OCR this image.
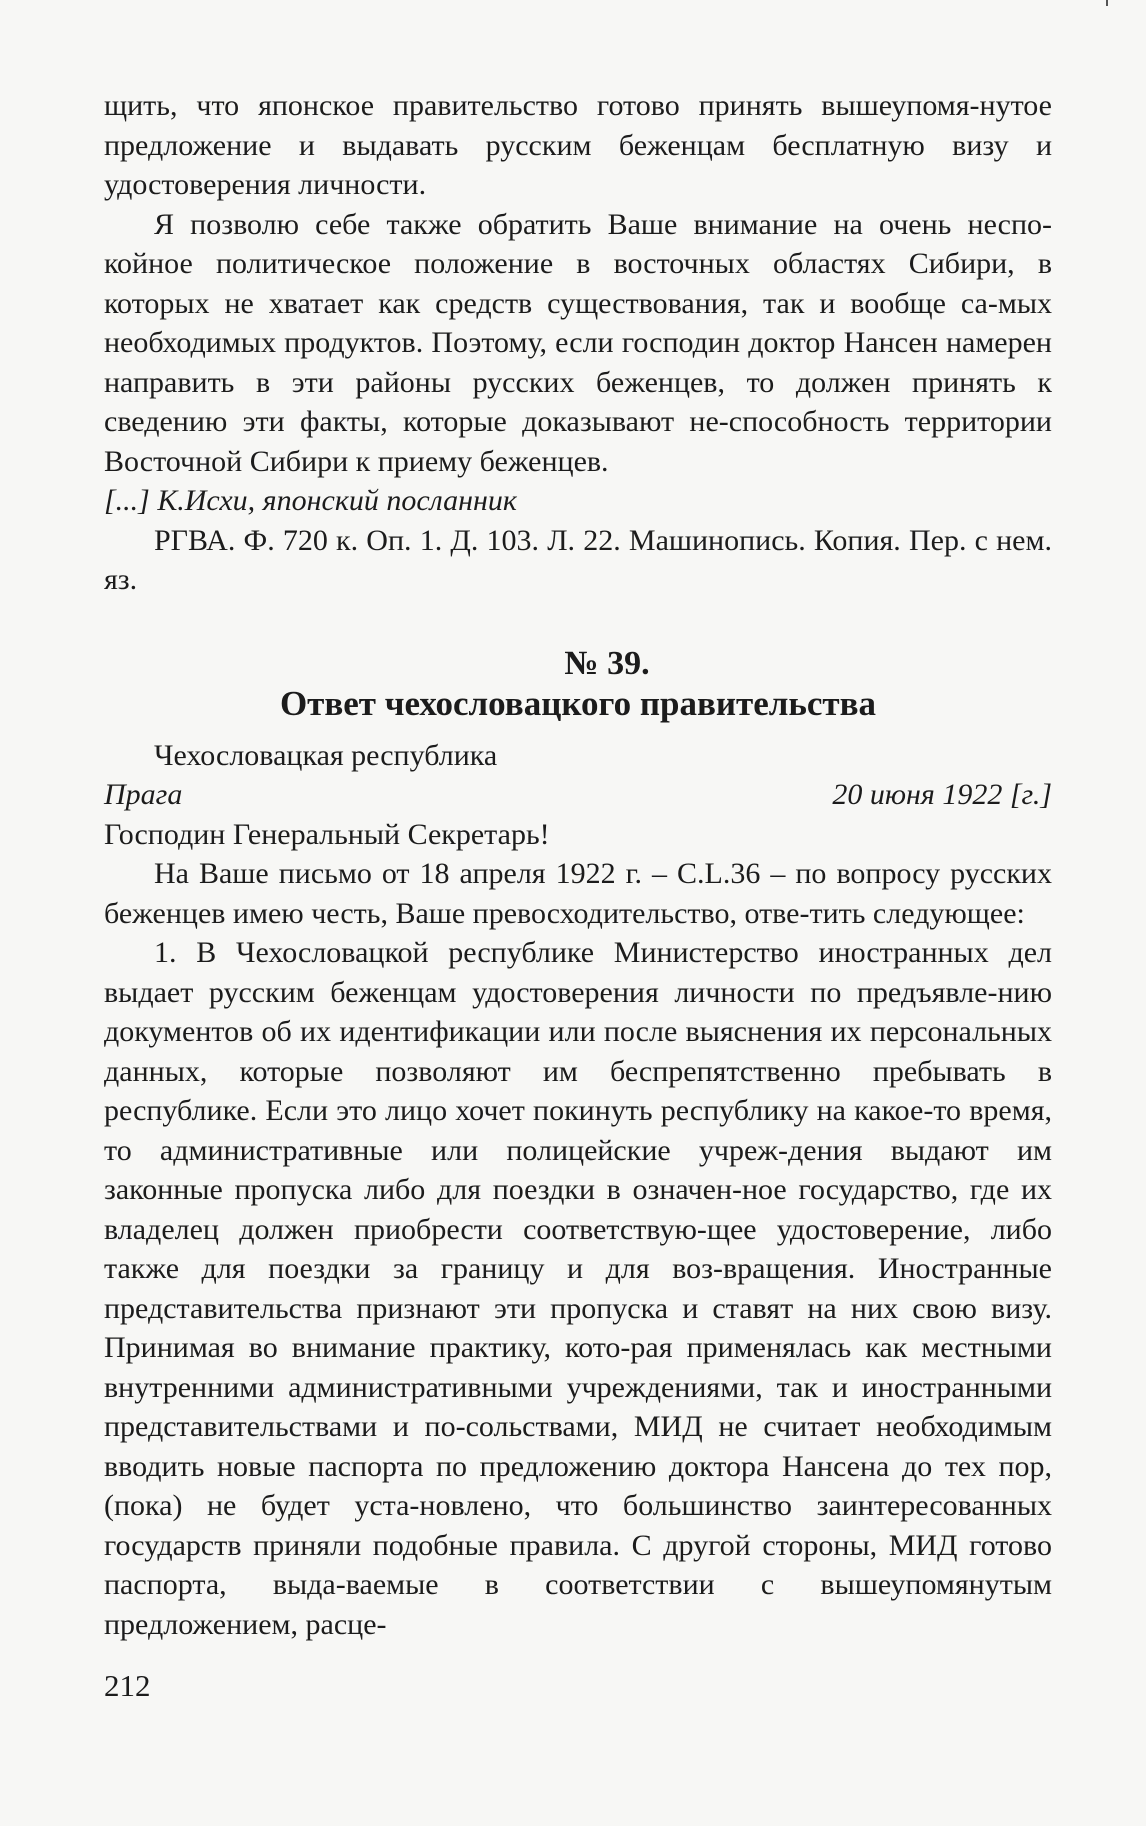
щить, что японское правительство готово принять вышеупомя-нутое предложение и выдавать русским беженцам бесплатную визу и удостоверения личности.

Я позволю себе также обратить Ваше внимание на очень неспо-койное политическое положение в восточных областях Сибири, в которых не хватает как средств существования, так и вообще са-мых необходимых продуктов. Поэтому, если господин доктор Нансен намерен направить в эти районы русских беженцев, то должен принять к сведению эти факты, которые доказывают не-способность территории Восточной Сибири к приему беженцев.

[...] К.Исхи, японский посланник

РГВА. Ф. 720 к. Оп. 1. Д. 103. Л. 22. Машинопись. Копия. Пер. с нем. яз.

№ 39.

Ответ чехословацкого правительства

Чехословацкая республика

Прага	20 июня 1922 [г.]

Господин Генеральный Секретарь!

На Ваше письмо от 18 апреля 1922 г. – C.L.36 – по вопросу русских беженцев имею честь, Ваше превосходительство, отве-тить следующее:

1. В Чехословацкой республике Министерство иностранных дел выдает русским беженцам удостоверения личности по предъявле-нию документов об их идентификации или после выяснения их персональных данных, которые позволяют им беспрепятственно пребывать в республике. Если это лицо хочет покинуть республику на какое-то время, то административные или полицейские учреж-дения выдают им законные пропуска либо для поездки в означен-ное государство, где их владелец должен приобрести соответствую-щее удостоверение, либо также для поездки за границу и для воз-вращения. Иностранные представительства признают эти пропуска и ставят на них свою визу. Принимая во внимание практику, кото-рая применялась как местными внутренними административными учреждениями, так и иностранными представительствами и по-сольствами, МИД не считает необходимым вводить новые паспорта по предложению доктора Нансена до тех пор, (пока) не будет уста-новлено, что большинство заинтересованных государств приняли подобные правила. С другой стороны, МИД готово паспорта, выда-ваемые в соответствии с вышеупомянутым предложением, расце-

212
